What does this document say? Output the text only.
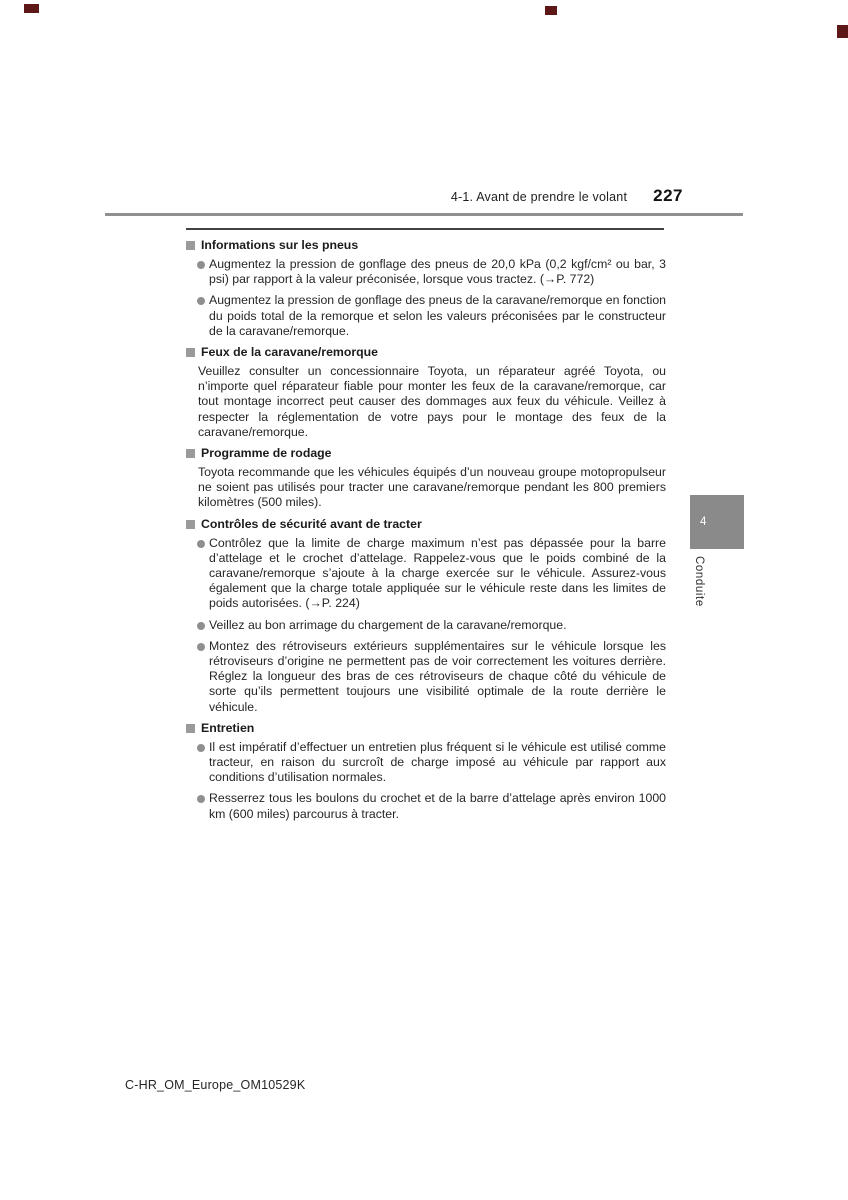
4-1. Avant de prendre le volant 227
Informations sur les pneus

Augmentez la pression de gonflage des pneus de 20,0 kPa (0,2 kgf/cm² ou bar, 3 psi) par rapport à la valeur préconisée, lorsque vous tractez. (→P. 772)

Augmentez la pression de gonflage des pneus de la caravane/remorque en fonction du poids total de la remorque et selon les valeurs préconisées par le constructeur de la caravane/remorque.

Feux de la caravane/remorque

Veuillez consulter un concessionnaire Toyota, un réparateur agréé Toyota, ou n’importe quel réparateur fiable pour monter les feux de la caravane/remorque, car tout montage incorrect peut causer des dommages aux feux du véhicule. Veillez à respecter la réglementation de votre pays pour le montage des feux de la caravane/remorque.

Programme de rodage

Toyota recommande que les véhicules équipés d’un nouveau groupe motopropulseur ne soient pas utilisés pour tracter une caravane/remorque pendant les 800 premiers kilomètres (500 miles).

Contrôles de sécurité avant de tracter

Contrôlez que la limite de charge maximum n’est pas dépassée pour la barre d’attelage et le crochet d’attelage. Rappelez-vous que le poids combiné de la caravane/remorque s’ajoute à la charge exercée sur le véhicule. Assurez-vous également que la charge totale appliquée sur le véhicule reste dans les limites de poids autorisées. (→P. 224)

Veillez au bon arrimage du chargement de la caravane/remorque.

Montez des rétroviseurs extérieurs supplémentaires sur le véhicule lorsque les rétroviseurs d’origine ne permettent pas de voir correctement les voitures derrière. Réglez la longueur des bras de ces rétroviseurs de chaque côté du véhicule de sorte qu’ils permettent toujours une visibilité optimale de la route derrière le véhicule.

Entretien

Il est impératif d’effectuer un entretien plus fréquent si le véhicule est utilisé comme tracteur, en raison du surcroît de charge imposé au véhicule par rapport aux conditions d’utilisation normales.

Resserrez tous les boulons du crochet et de la barre d’attelage après environ 1000 km (600 miles) parcourus à tracter.

4
Conduite
C-HR_OM_Europe_OM10529K
